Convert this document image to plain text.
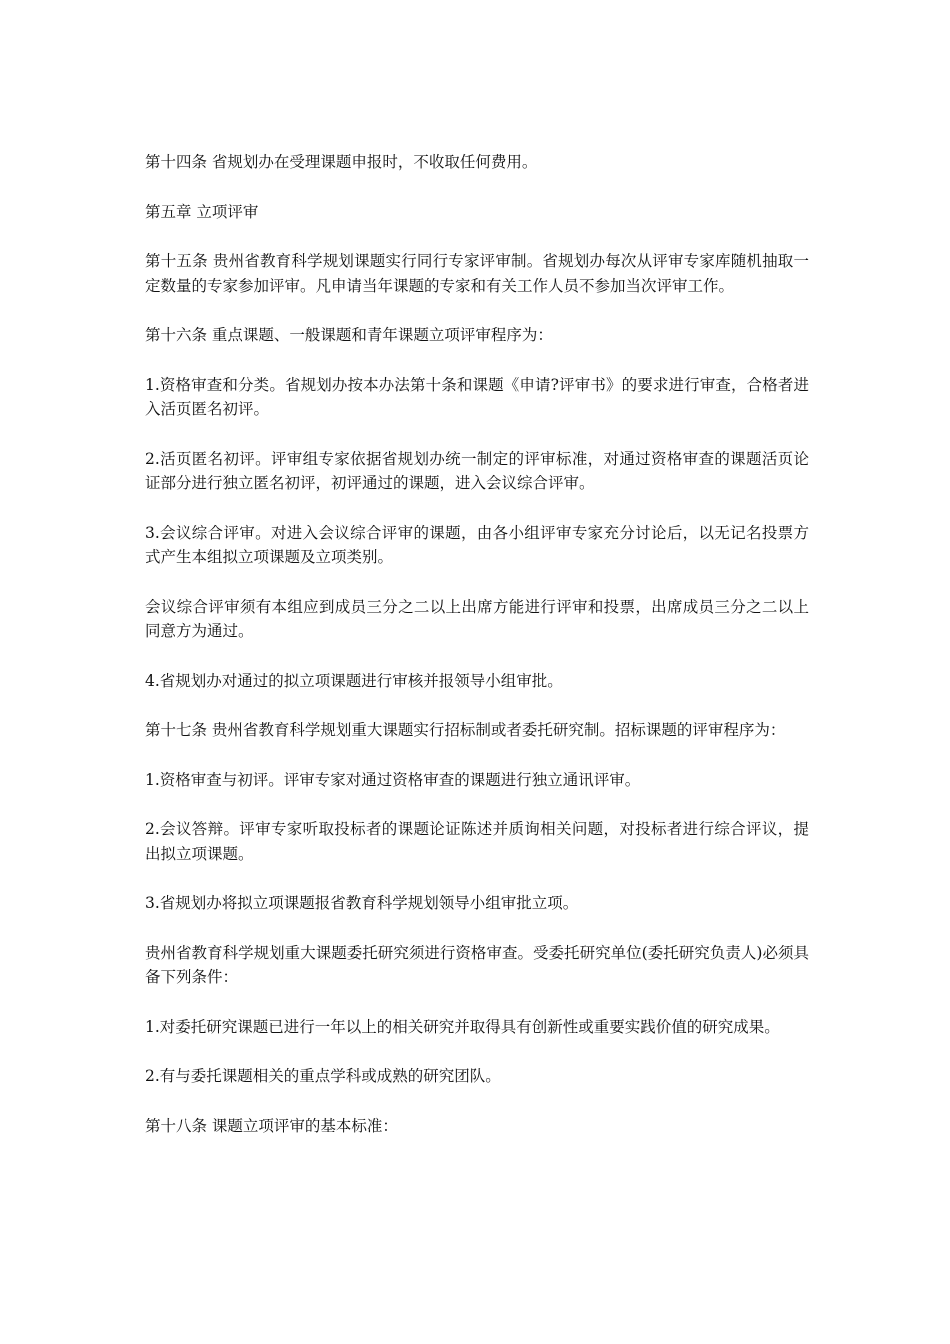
第十四条 省规划办在受理课题申报时，不收取任何费用。

第五章 立项评审

第十五条 贵州省教育科学规划课题实行同行专家评审制。省规划办每次从评审专家库随机抽取一定数量的专家参加评审。凡申请当年课题的专家和有关工作人员不参加当次评审工作。

第十六条 重点课题、一般课题和青年课题立项评审程序为：

1.资格审查和分类。省规划办按本办法第十条和课题《申请?评审书》的要求进行审查，合格者进入活页匿名初评。

2.活页匿名初评。评审组专家依据省规划办统一制定的评审标准，对通过资格审查的课题活页论证部分进行独立匿名初评，初评通过的课题，进入会议综合评审。

3.会议综合评审。对进入会议综合评审的课题，由各小组评审专家充分讨论后，以无记名投票方式产生本组拟立项课题及立项类别。

会议综合评审须有本组应到成员三分之二以上出席方能进行评审和投票，出席成员三分之二以上同意方为通过。

4.省规划办对通过的拟立项课题进行审核并报领导小组审批。

第十七条 贵州省教育科学规划重大课题实行招标制或者委托研究制。招标课题的评审程序为：

1.资格审查与初评。评审专家对通过资格审查的课题进行独立通讯评审。

2.会议答辩。评审专家听取投标者的课题论证陈述并质询相关问题，对投标者进行综合评议，提出拟立项课题。

3.省规划办将拟立项课题报省教育科学规划领导小组审批立项。

贵州省教育科学规划重大课题委托研究须进行资格审查。受委托研究单位(委托研究负责人)必须具备下列条件：

1.对委托研究课题已进行一年以上的相关研究并取得具有创新性或重要实践价值的研究成果。

2.有与委托课题相关的重点学科或成熟的研究团队。

第十八条 课题立项评审的基本标准：
